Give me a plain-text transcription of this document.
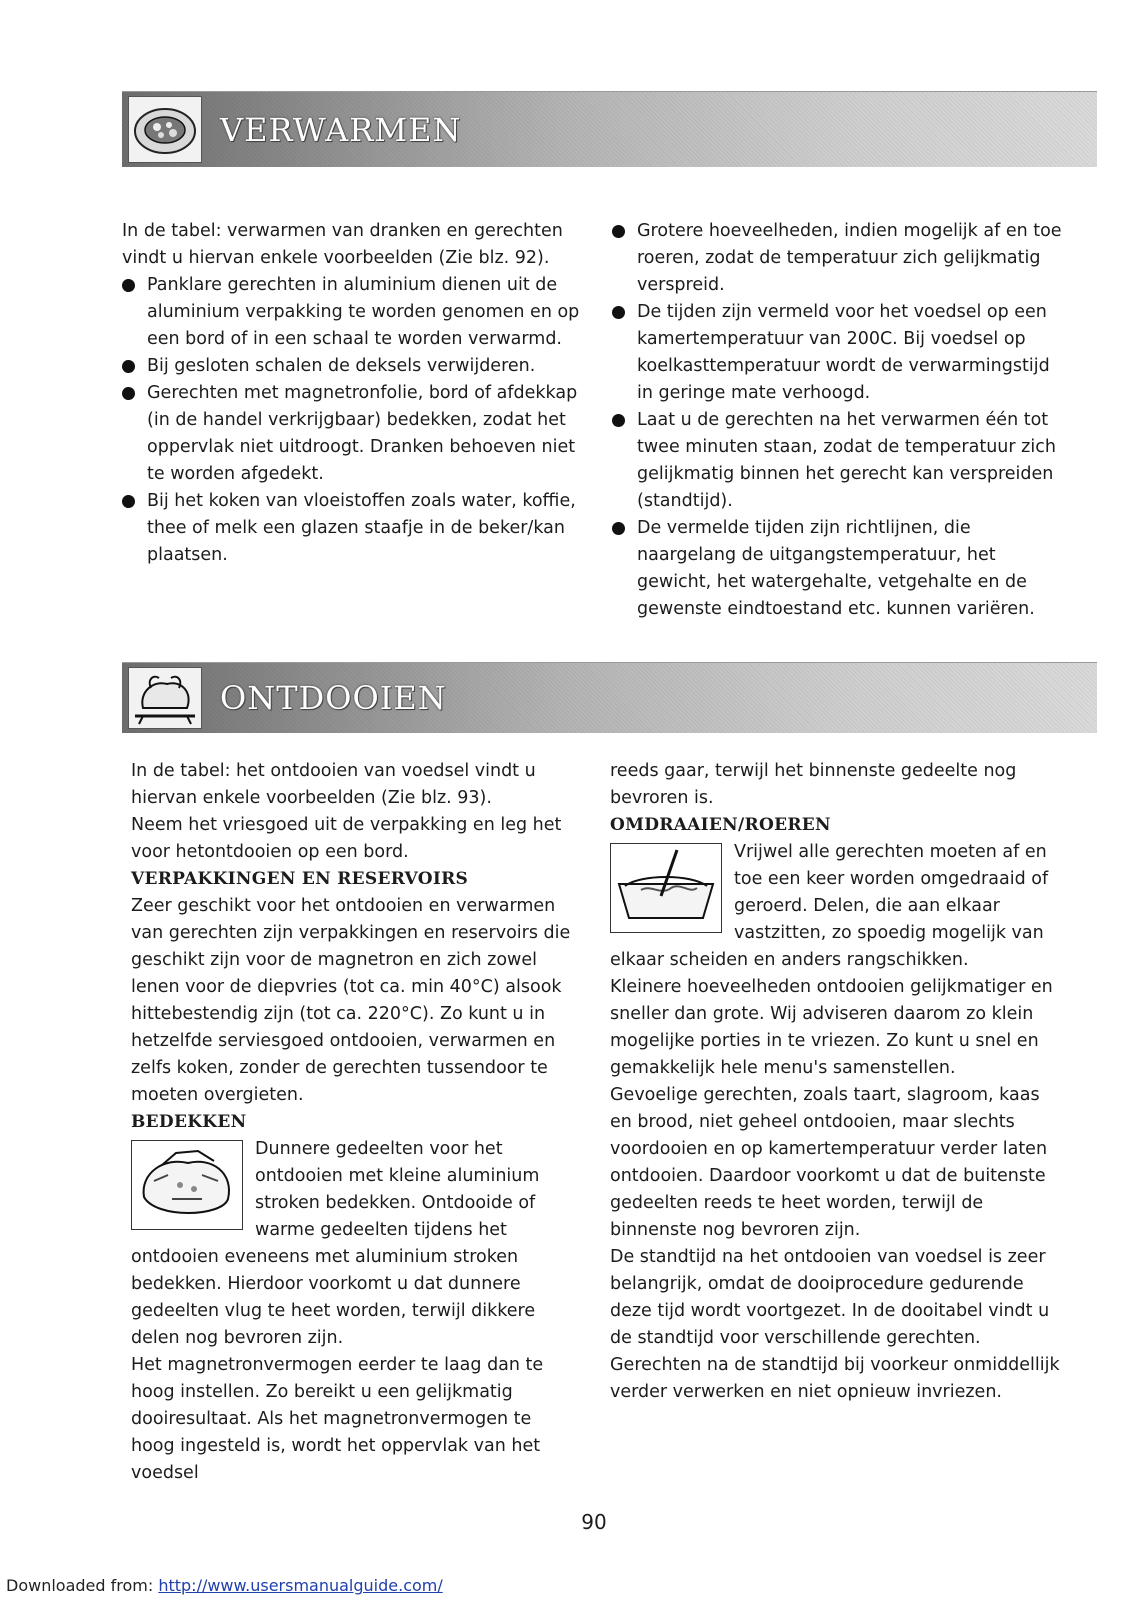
VERWARMEN

In de tabel: verwarmen van dranken en gerechten vindt u hiervan enkele voorbeelden (Zie blz. 92).

Panklare gerechten in aluminium dienen uit de aluminium verpakking te worden genomen en op een bord of in een schaal te worden verwarmd.
Bij gesloten schalen de deksels verwijderen.
Gerechten met magnetronfolie, bord of afdekkap (in de handel verkrijgbaar) bedekken, zodat het oppervlak niet uitdroogt. Dranken behoeven niet te worden afgedekt.
Bij het koken van vloeistoffen zoals water, koffie, thee of melk een glazen staafje in de beker/kan plaatsen.
Grotere hoeveelheden, indien mogelijk af en toe roeren, zodat de temperatuur zich gelijkmatig verspreid.
De tijden zijn vermeld voor het voedsel op een kamertemperatuur van 200C. Bij voedsel op koelkasttemperatuur wordt de verwarmingstijd in geringe mate verhoogd.
Laat u de gerechten na het verwarmen één tot twee minuten staan, zodat de temperatuur zich gelijkmatig binnen het gerecht kan verspreiden (standtijd).
De vermelde tijden zijn richtlijnen, die naargelang de uitgangstemperatuur, het gewicht, het watergehalte, vetgehalte en de gewenste eindtoestand etc. kunnen variëren.
ONTDOOIEN

In de tabel: het ontdooien van voedsel vindt u hiervan enkele voorbeelden (Zie blz. 93).

Neem het vriesgoed uit de verpakking en leg het voor hetontdooien op een bord.

VERPAKKINGEN EN RESERVOIRS

Zeer geschikt voor het ontdooien en verwarmen van gerechten zijn verpakkingen en reservoirs die geschikt zijn voor de magnetron en zich zowel lenen voor de diepvries (tot ca. min 40°C) alsook hittebestendig zijn (tot ca. 220°C). Zo kunt u in hetzelfde serviesgoed ontdooien, verwarmen en zelfs koken, zonder de gerechten tussendoor te moeten overgieten.

BEDEKKEN

Dunnere gedeelten voor het ontdooien met kleine aluminium stroken bedekken. Ontdooide of warme gedeelten tijdens het ontdooien eveneens met aluminium stroken bedekken. Hierdoor voorkomt u dat dunnere gedeelten vlug te heet worden, terwijl dikkere delen nog bevroren zijn.

Het magnetronvermogen eerder te laag dan te hoog instellen. Zo bereikt u een gelijkmatig dooiresultaat. Als het magnetronvermogen te hoog ingesteld is, wordt het oppervlak van het voedsel

reeds gaar, terwijl het binnenste gedeelte nog bevroren is.

OMDRAAIEN/ROEREN

Vrijwel alle gerechten moeten af en toe een keer worden omgedraaid of geroerd. Delen, die aan elkaar vastzitten, zo spoedig mogelijk van elkaar scheiden en anders rangschikken.

Kleinere hoeveelheden ontdooien gelijkmatiger en sneller dan grote. Wij adviseren daarom zo klein mogelijke porties in te vriezen. Zo kunt u snel en gemakkelijk hele menu's samenstellen.

Gevoelige gerechten, zoals taart, slagroom, kaas en brood, niet geheel ontdooien, maar slechts voordooien en op kamertemperatuur verder laten ontdooien. Daardoor voorkomt u dat de buitenste gedeelten reeds te heet worden, terwijl de binnenste nog bevroren zijn.

De standtijd na het ontdooien van voedsel is zeer belangrijk, omdat de dooiprocedure gedurende deze tijd wordt voortgezet. In de dooitabel vindt u de standtijd voor verschillende gerechten.

Gerechten na de standtijd bij voorkeur onmiddellijk verder verwerken en niet opnieuw invriezen.

90
Downloaded from: http://www.usersmanualguide.com/
